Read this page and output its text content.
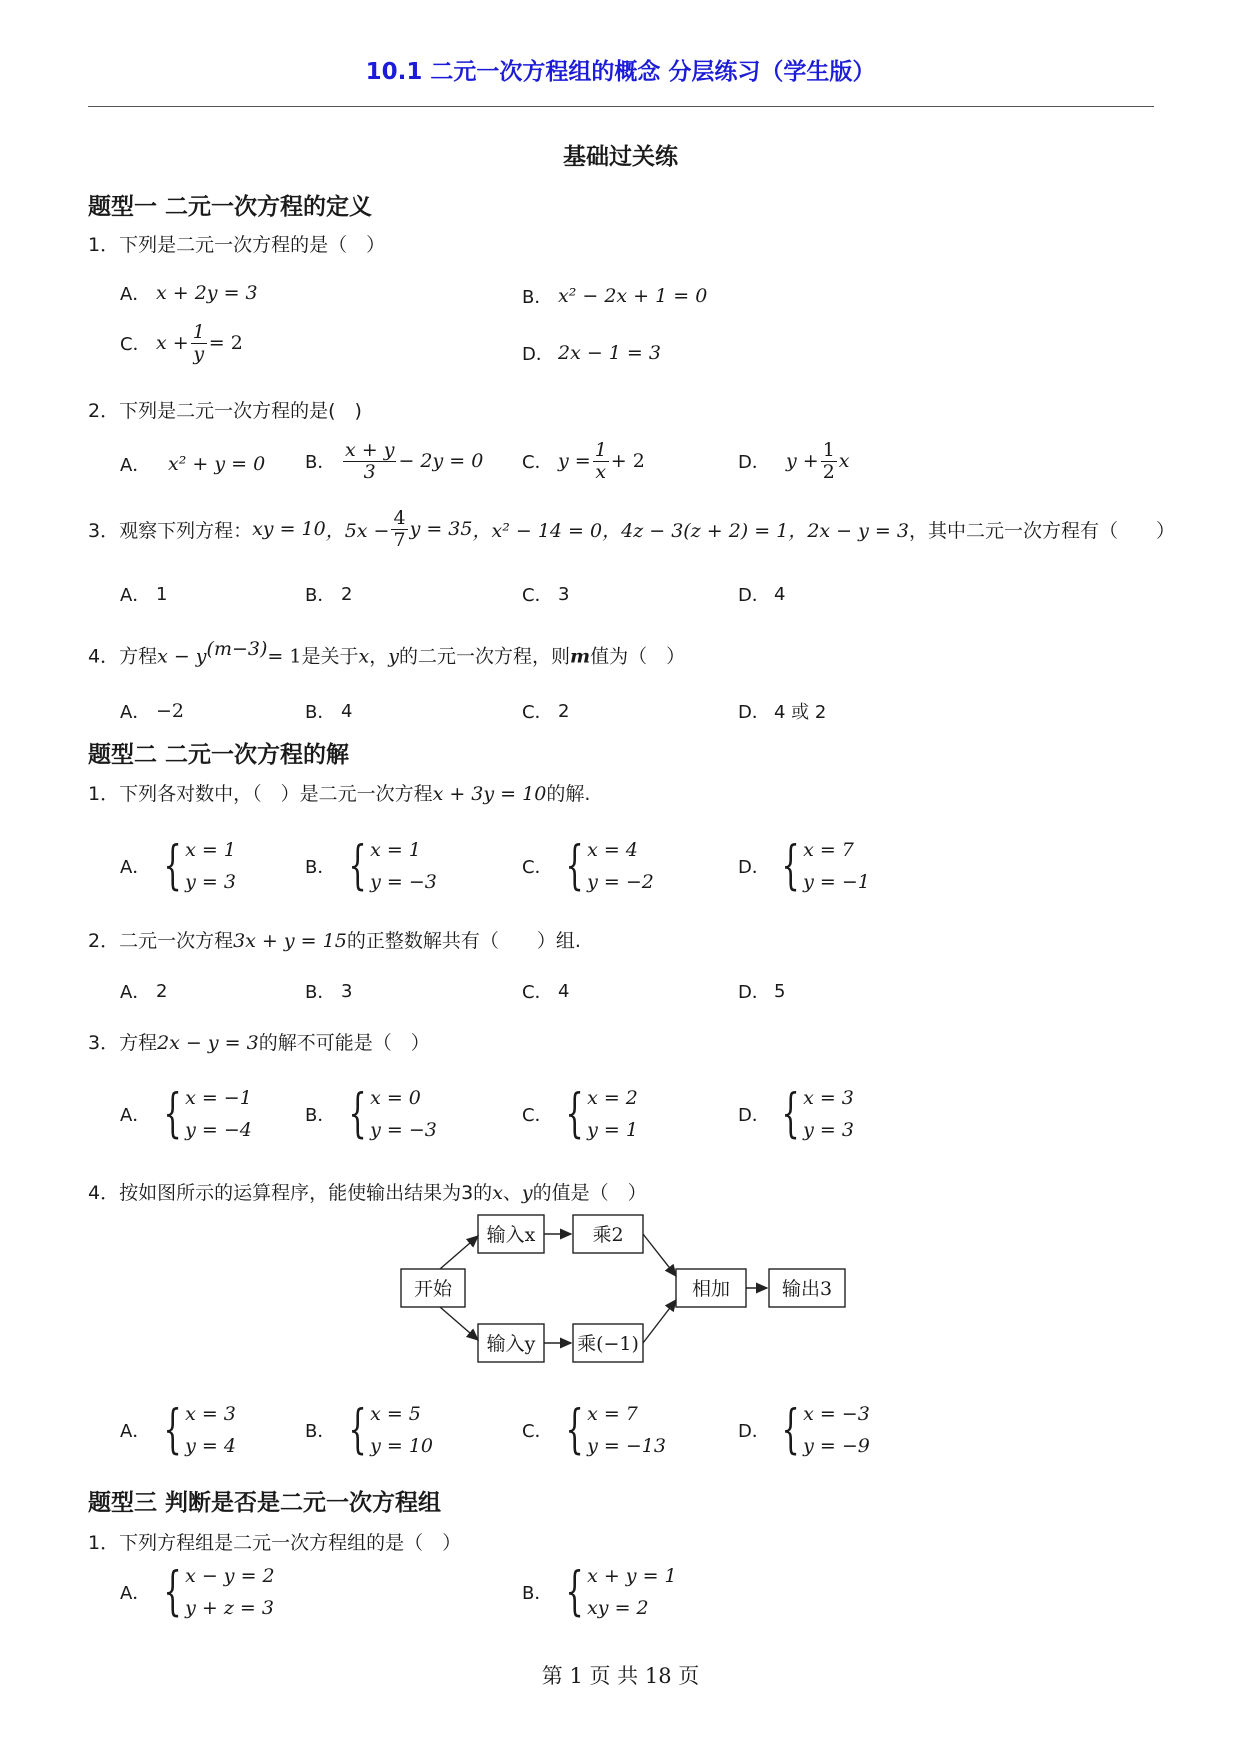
10.1 二元一次方程组的概念 分层练习（学生版）
基础过关练
题型一 二元一次方程的定义
1．下列是二元一次方程的是（　）
A． x + 2y = 3	B． x² − 2x + 1 = 0
C． $x + \frac{1}{y} = 2$
D． 2x − 1 = 3
2．下列是二元一次方程的是(　)
A． x² + y = 0 B． $\frac{x + y}{3} - 2y = 0$ C． $y = \frac{1}{x} + 2$	D． $y + \frac{1}{2}$ x
3．观察下列方程： xy = 10 ，$5x - \frac{4}{7}$ y = 35 ，x² − 14 = 0 ，4z − 3(z + 2) = 1 ，2x − y = 3 ，其中二元一次方程有（　　）
A． 1	B． 2	C． 3	D． 4
4．方程$x - y^{(m-3)}= 1$是关于x，y的二元一次方程，则m值为（　）
A． −2	B． 4	C． 2	D． 4 或 2
题型二 二元一次方程的解
1．下列各对数中，（　）是二元一次方程x + 3y = 10的解.
A． { x = 1
y = 3
B． { x = 1
y = −3
C． { x = 4
y = −2
D． { x = 7
y = −1
2．二元一次方程3x + y = 15的正整数解共有（　　）组.
A． 2	B． 3	C． 4	D． 5
3．方程2x − y = 3的解不可能是（　）
A． { x = −1
y = −4
B． { x = 0
y = −3
C． { x = 2
y = 1
D． { x = 3
y = 3
4．按如图所示的运算程序，能使输出结果为3的x、y的值是（　）
开始
输入x	乘2
输入y 乘(−1)
相加	输出3
A． { x = 3
y = 4
B． { x = 5
y = 10
C． { x = 7
y = −13
D． { x = −3
y = −9
题型三 判断是否是二元一次方程组
1．下列方程组是二元一次方程组的是（　）
A． { x − y = 2
y + z = 3
B． { x + y = 1
xy = 2
第 1 页 共 18 页
